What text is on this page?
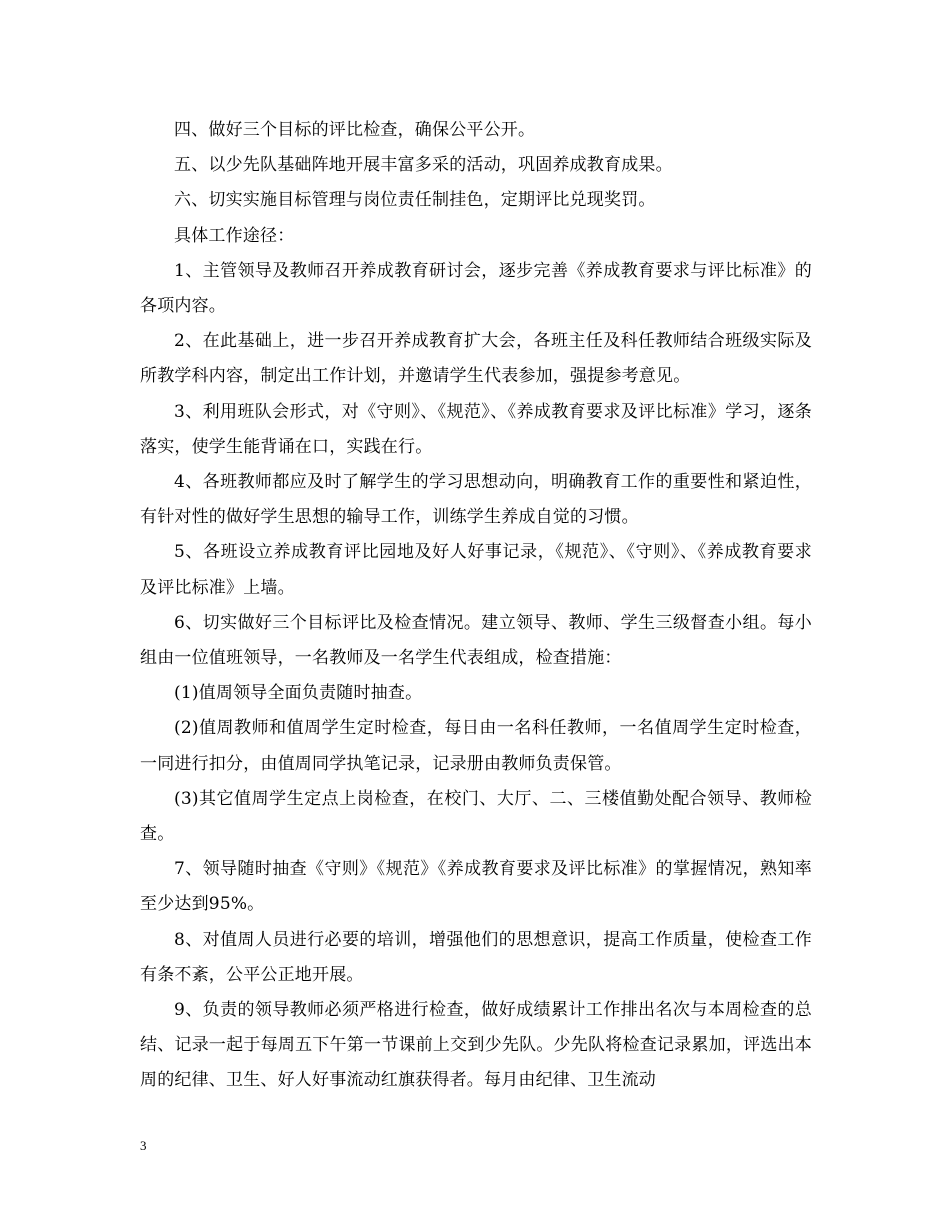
四、做好三个目标的评比检查，确保公平公开。

五、以少先队基础阵地开展丰富多采的活动，巩固养成教育成果。

六、切实实施目标管理与岗位责任制挂色，定期评比兑现奖罚。

具体工作途径：

1、主管领导及教师召开养成教育研讨会，逐步完善《养成教育要求与评比标准》的各项内容。

2、在此基础上，进一步召开养成教育扩大会，各班主任及科任教师结合班级实际及所教学科内容，制定出工作计划，并邀请学生代表参加，强提参考意见。

3、利用班队会形式，对《守则》、《规范》、《养成教育要求及评比标准》学习，逐条落实，使学生能背诵在口，实践在行。

4、各班教师都应及时了解学生的学习思想动向，明确教育工作的重要性和紧迫性，有针对性的做好学生思想的输导工作，训练学生养成自觉的习惯。

5、各班设立养成教育评比园地及好人好事记录，《规范》、《守则》、《养成教育要求及评比标准》上墙。

6、切实做好三个目标评比及检查情况。建立领导、教师、学生三级督查小组。每小组由一位值班领导，一名教师及一名学生代表组成，检查措施：

(1)值周领导全面负责随时抽查。

(2)值周教师和值周学生定时检查，每日由一名科任教师，一名值周学生定时检查，一同进行扣分，由值周同学执笔记录，记录册由教师负责保管。

(3)其它值周学生定点上岗检查，在校门、大厅、二、三楼值勤处配合领导、教师检查。

7、领导随时抽查《守则》《规范》《养成教育要求及评比标准》的掌握情况，熟知率至少达到95%。

8、对值周人员进行必要的培训，增强他们的思想意识，提高工作质量，使检查工作有条不紊，公平公正地开展。

9、负责的领导教师必须严格进行检查，做好成绩累计工作排出名次与本周检查的总结、记录一起于每周五下午第一节课前上交到少先队。少先队将检查记录累加，评选出本周的纪律、卫生、好人好事流动红旗获得者。每月由纪律、卫生流动

3
